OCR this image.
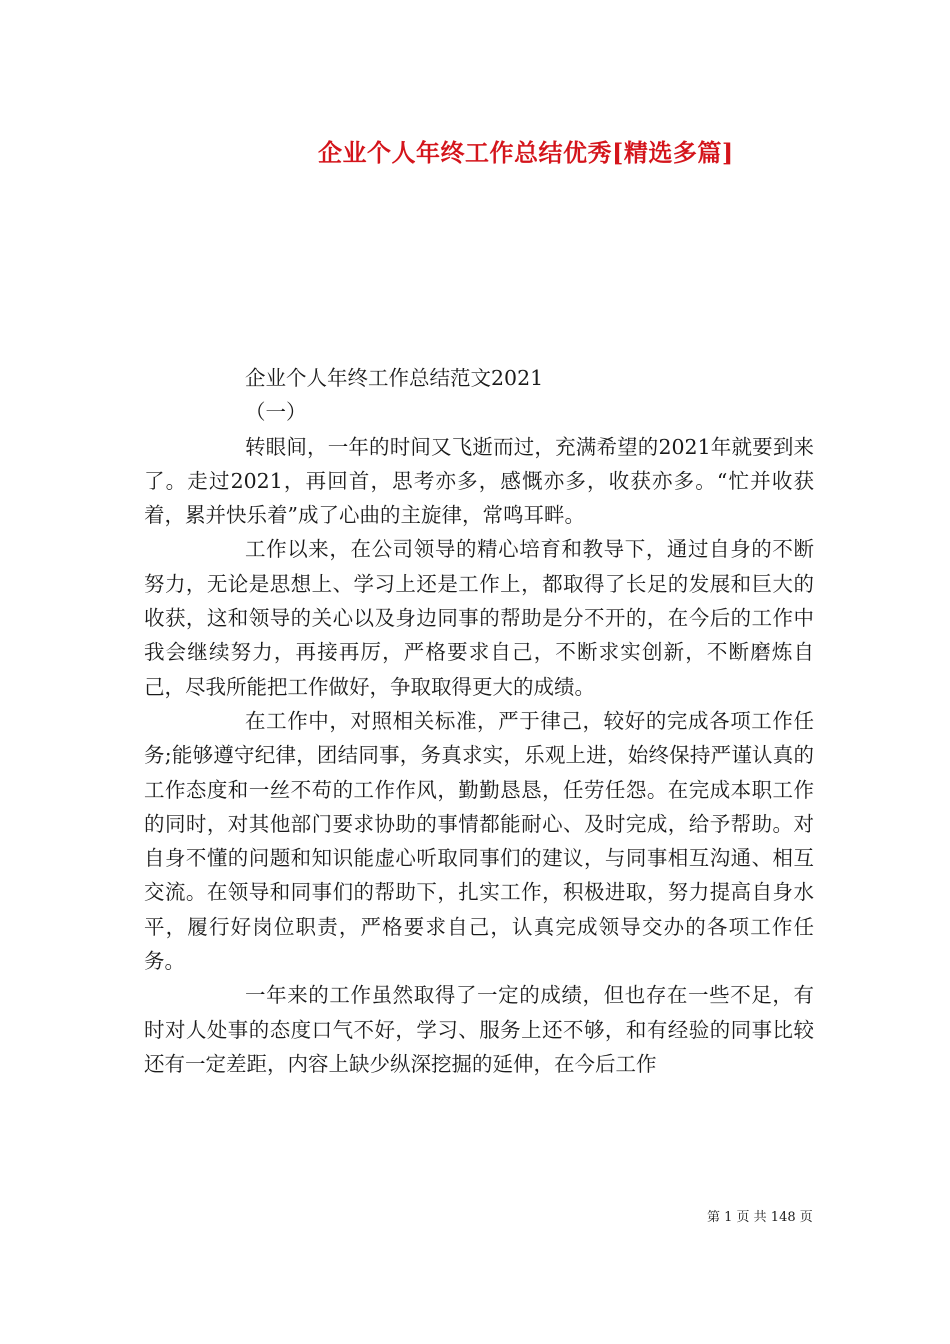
企业个人年终工作总结优秀[精选多篇]
企业个人年终工作总结范文2021
（一）

转眼间，一年的时间又飞逝而过，充满希望的2021年就要到来了。走过2021，再回首，思考亦多，感慨亦多，收获亦多。“忙并收获着，累并快乐着”成了心曲的主旋律，常鸣耳畔。

工作以来，在公司领导的精心培育和教导下，通过自身的不断努力，无论是思想上、学习上还是工作上，都取得了长足的发展和巨大的收获，这和领导的关心以及身边同事的帮助是分不开的，在今后的工作中我会继续努力，再接再厉，严格要求自己，不断求实创新，不断磨炼自己，尽我所能把工作做好，争取取得更大的成绩。

在工作中，对照相关标准，严于律己，较好的完成各项工作任务;能够遵守纪律，团结同事，务真求实，乐观上进，始终保持严谨认真的工作态度和一丝不苟的工作作风，勤勤恳恳，任劳任怨。在完成本职工作的同时，对其他部门要求协助的事情都能耐心、及时完成，给予帮助。对自身不懂的问题和知识能虚心听取同事们的建议，与同事相互沟通、相互交流。在领导和同事们的帮助下，扎实工作，积极进取，努力提高自身水平，履行好岗位职责，严格要求自己，认真完成领导交办的各项工作任务。

一年来的工作虽然取得了一定的成绩，但也存在一些不足，有时对人处事的态度口气不好，学习、服务上还不够，和有经验的同事比较还有一定差距，内容上缺少纵深挖掘的延伸，在今后工作

第 1 页 共 148 页
